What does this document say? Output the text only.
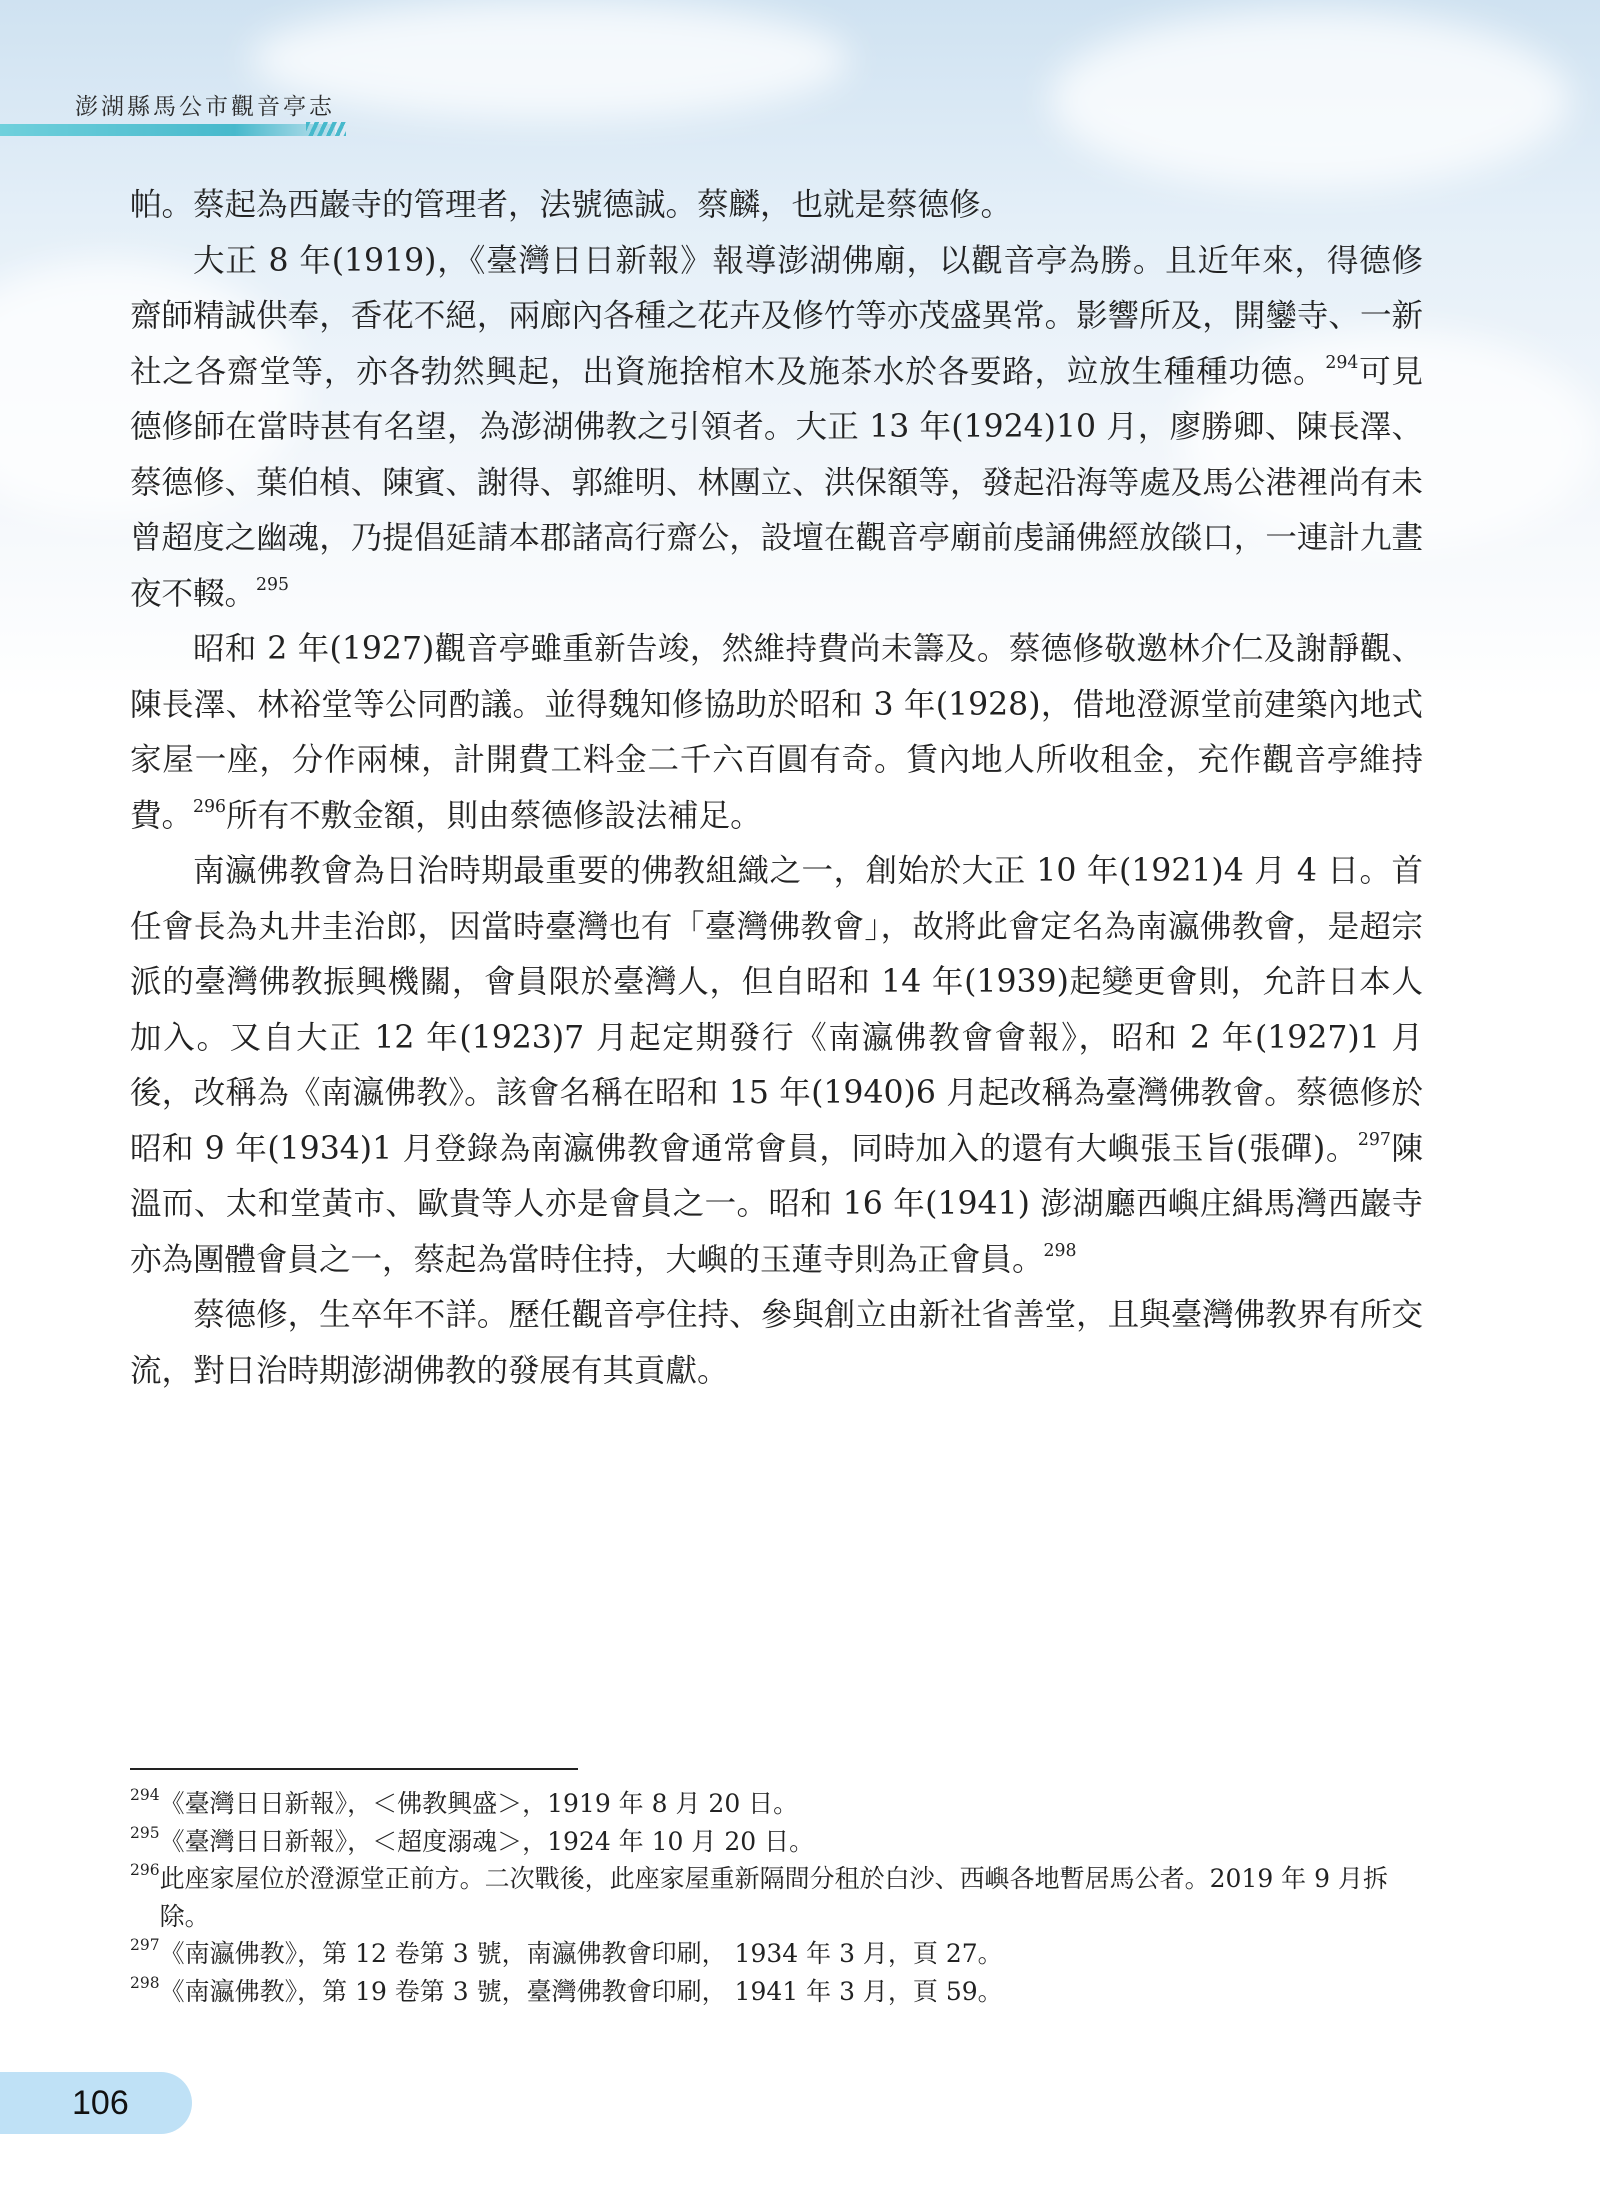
澎湖縣馬公市觀音亭志

帕。蔡起為西巖寺的管理者，法號德誠。蔡麟，也就是蔡德修。

大正 8 年(1919)，《臺灣日日新報》報導澎湖佛廟，以觀音亭為勝。且近年來，得德修齋師精誠供奉，香花不絕，兩廊內各種之花卉及修竹等亦茂盛異常。影響所及，開鑾寺、一新社之各齋堂等，亦各勃然興起，出資施捨棺木及施茶水於各要路，竝放生種種功德。$^{294}$可見德修師在當時甚有名望，為澎湖佛教之引領者。大正 13 年(1924)10 月，廖勝卿、陳長澤、蔡德修、葉伯楨、陳賓、謝得、郭維明、林團立、洪保額等，發起沿海等處及馬公港裡尚有未曾超度之幽魂，乃提倡延請本郡諸高行齋公，設壇在觀音亭廟前虔誦佛經放燄口，一連計九晝夜不輟。$^{295}$

昭和 2 年(1927)觀音亭雖重新告竣，然維持費尚未籌及。蔡德修敬邀林介仁及謝靜觀、陳長澤、林裕堂等公同酌議。並得魏知修協助於昭和 3 年(1928)，借地澄源堂前建築內地式家屋一座，分作兩棟，計開費工料金二千六百圓有奇。賃內地人所收租金，充作觀音亭維持費。$^{296}$所有不敷金額，則由蔡德修設法補足。

南瀛佛教會為日治時期最重要的佛教組織之一，創始於大正 10 年(1921)4 月 4 日。首任會長為丸井圭治郎，因當時臺灣也有「臺灣佛教會」，故將此會定名為南瀛佛教會，是超宗派的臺灣佛教振興機關，會員限於臺灣人，但自昭和 14 年(1939)起變更會則，允許日本人加入。又自大正 12 年(1923)7 月起定期發行《南瀛佛教會會報》，昭和 2 年(1927)1 月後，改稱為《南瀛佛教》。該會名稱在昭和 15 年(1940)6 月起改稱為臺灣佛教會。蔡德修於昭和 9 年(1934)1 月登錄為南瀛佛教會通常會員，同時加入的還有大嶼張玉旨(張磾)。$^{297}$陳溫而、太和堂黃市、歐貴等人亦是會員之一。昭和 16 年(1941) 澎湖廳西嶼庄緝馬灣西巖寺亦為團體會員之一，蔡起為當時住持，大嶼的玉蓮寺則為正會員。$^{298}$

蔡德修，生卒年不詳。歷任觀音亭住持、參與創立由新社省善堂，且與臺灣佛教界有所交流，對日治時期澎湖佛教的發展有其貢獻。

294 《臺灣日日新報》，＜佛教興盛＞，1919 年 8 月 20 日。
295 《臺灣日日新報》，＜超度溺魂＞，1924 年 10 月 20 日。
296 此座家屋位於澄源堂正前方。二次戰後，此座家屋重新隔間分租於白沙、西嶼各地暫居馬公者。2019 年 9 月拆除。
297 《南瀛佛教》，第 12 卷第 3 號，南瀛佛教會印刷， 1934 年 3 月，頁 27。
298 《南瀛佛教》，第 19 卷第 3 號，臺灣佛教會印刷， 1941 年 3 月，頁 59。
106
